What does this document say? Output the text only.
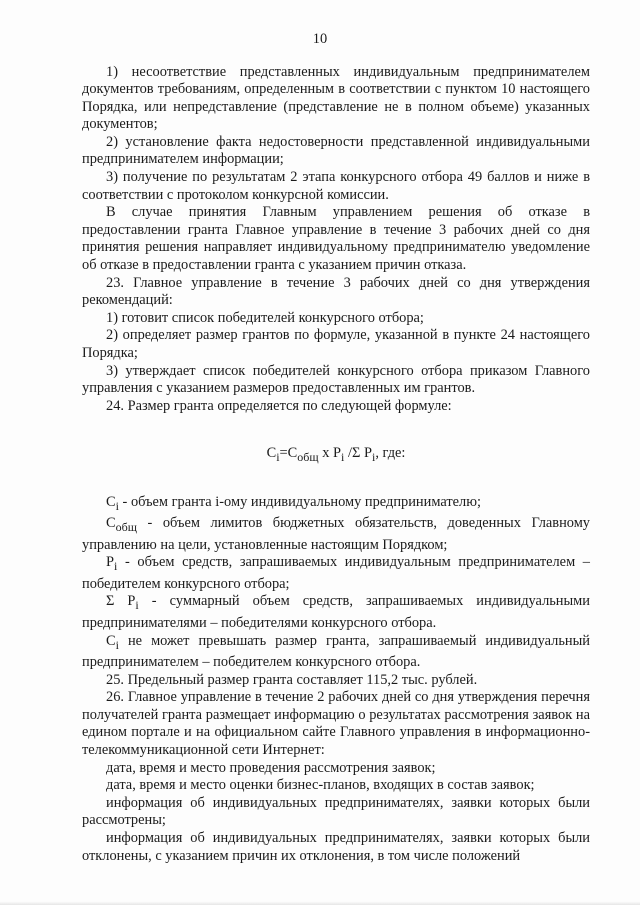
10

1) несоответствие представленных индивидуальным предпринимателем документов требованиям, определенным в соответствии с пунктом 10 настоящего Порядка, или непредставление (представление не в полном объеме) указанных документов;

2) установление факта недостоверности представленной индивидуальными предпринимателем информации;

3) получение по результатам 2 этапа конкурсного отбора 49 баллов и ниже в соответствии с протоколом конкурсной комиссии.

В случае принятия Главным управлением решения об отказе в предоставлении гранта Главное управление в течение 3 рабочих дней со дня принятия решения направляет индивидуальному предпринимателю уведомление об отказе в предоставлении гранта с указанием причин отказа.

23. Главное управление в течение 3 рабочих дней со дня утверждения рекомендаций:

1) готовит список победителей конкурсного отбора;

2) определяет размер грантов по формуле, указанной в пункте 24 настоящего Порядка;

3) утверждает список победителей конкурсного отбора приказом Главного управления с указанием размеров предоставленных им грантов.

24. Размер гранта определяется по следующей формуле:

$C_i=C_{общ}$ x $P_i$ /Σ $P_i$, где:

$C_i$ - объем гранта i-ому индивидуальному предпринимателю;

$C_{общ}$ - объем лимитов бюджетных обязательств, доведенных Главному управлению на цели, установленные настоящим Порядком;

$P_i$ - объем средств, запрашиваемых индивидуальным предпринимателем – победителем конкурсного отбора;

Σ $P_i$ - суммарный объем средств, запрашиваемых индивидуальными предпринимателями – победителями конкурсного отбора.

$C_i$ не может превышать размер гранта, запрашиваемый индивидуальный предпринимателем – победителем конкурсного отбора.

25. Предельный размер гранта составляет 115,2 тыс. рублей.

26. Главное управление в течение 2 рабочих дней со дня утверждения перечня получателей гранта размещает информацию о результатах рассмотрения заявок на едином портале и на официальном сайте Главного управления в информационно-телекоммуникационной сети Интернет:

дата, время и место проведения рассмотрения заявок;

дата, время и место оценки бизнес-планов, входящих в состав заявок;

информация об индивидуальных предпринимателях, заявки которых были рассмотрены;

информация об индивидуальных предпринимателях, заявки которых были отклонены, с указанием причин их отклонения, в том числе положений
